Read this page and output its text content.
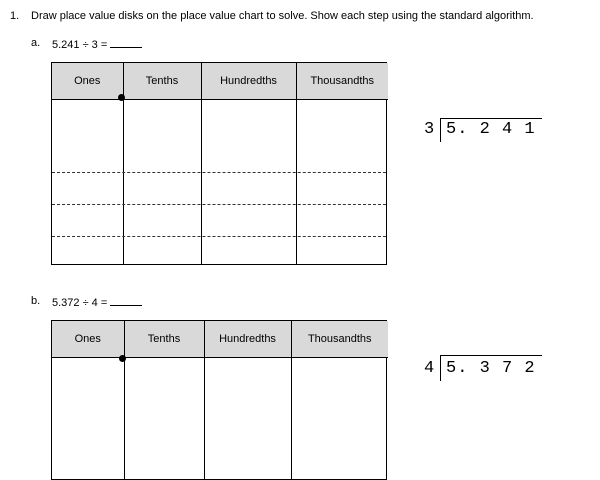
1. Draw place value disks on the place value chart to solve. Show each step using the standard algorithm.
a. 5.241 ÷ 3 =
Ones	Tenths	Hundredths	Thousandths

3 5. 2 4 1
b. 5.372 ÷ 4 =
Ones	Tenths	Hundredths	Thousandths

4 5. 3 7 2
